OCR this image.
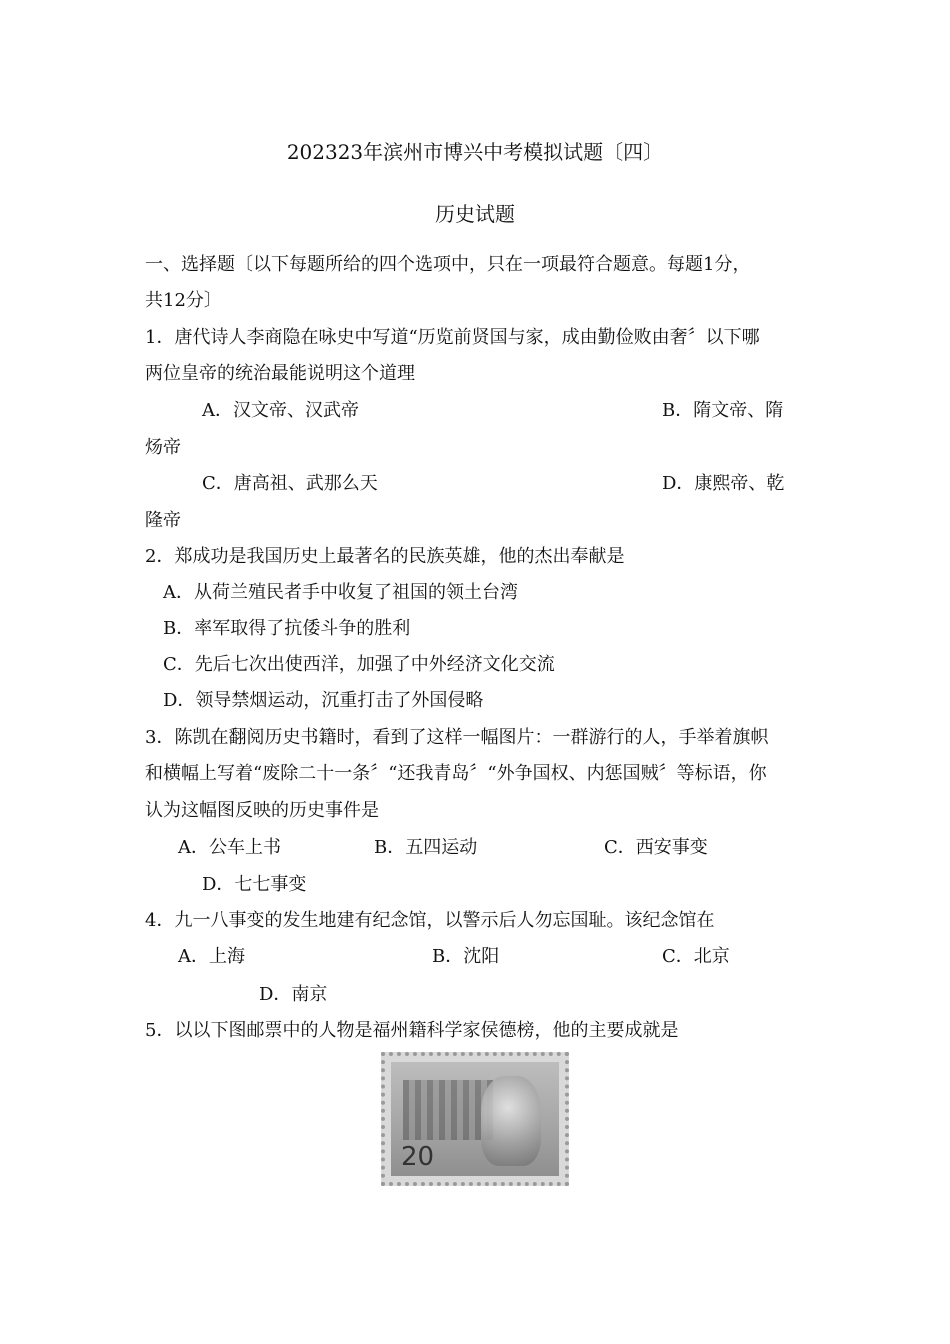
202323年滨州市博兴中考模拟试题〔四〕
历史试题
一、选择题〔以下每题所给的四个选项中，只在一项最符合题意。每题1分，
共12分〕
1．唐代诗人李商隐在咏史中写道“历览前贤国与家，成由勤俭败由奢〞以下哪
两位皇帝的统治最能说明这个道理
A．汉文帝、汉武帝	B．隋文帝、隋
炀帝
C．唐高祖、武那么天	D．康熙帝、乾
隆帝
2．郑成功是我国历史上最著名的民族英雄，他的杰出奉献是
A．从荷兰殖民者手中收复了祖国的领土台湾
B．率军取得了抗倭斗争的胜利
C．先后七次出使西洋，加强了中外经济文化交流
D．领导禁烟运动，沉重打击了外国侵略
3．陈凯在翻阅历史书籍时，看到了这样一幅图片：一群游行的人，手举着旗帜
和横幅上写着“废除二十一条〞“还我青岛〞“外争国权、内惩国贼〞等标语，你
认为这幅图反映的历史事件是
A．公车上书	B．五四运动	C．西安事变
D．七七事变
4．九一八事变的发生地建有纪念馆，以警示后人勿忘国耻。该纪念馆在
A．上海	B．沈阳	C．北京
D．南京
5．以以下图邮票中的人物是福州籍科学家侯德榜，他的主要成就是
20
